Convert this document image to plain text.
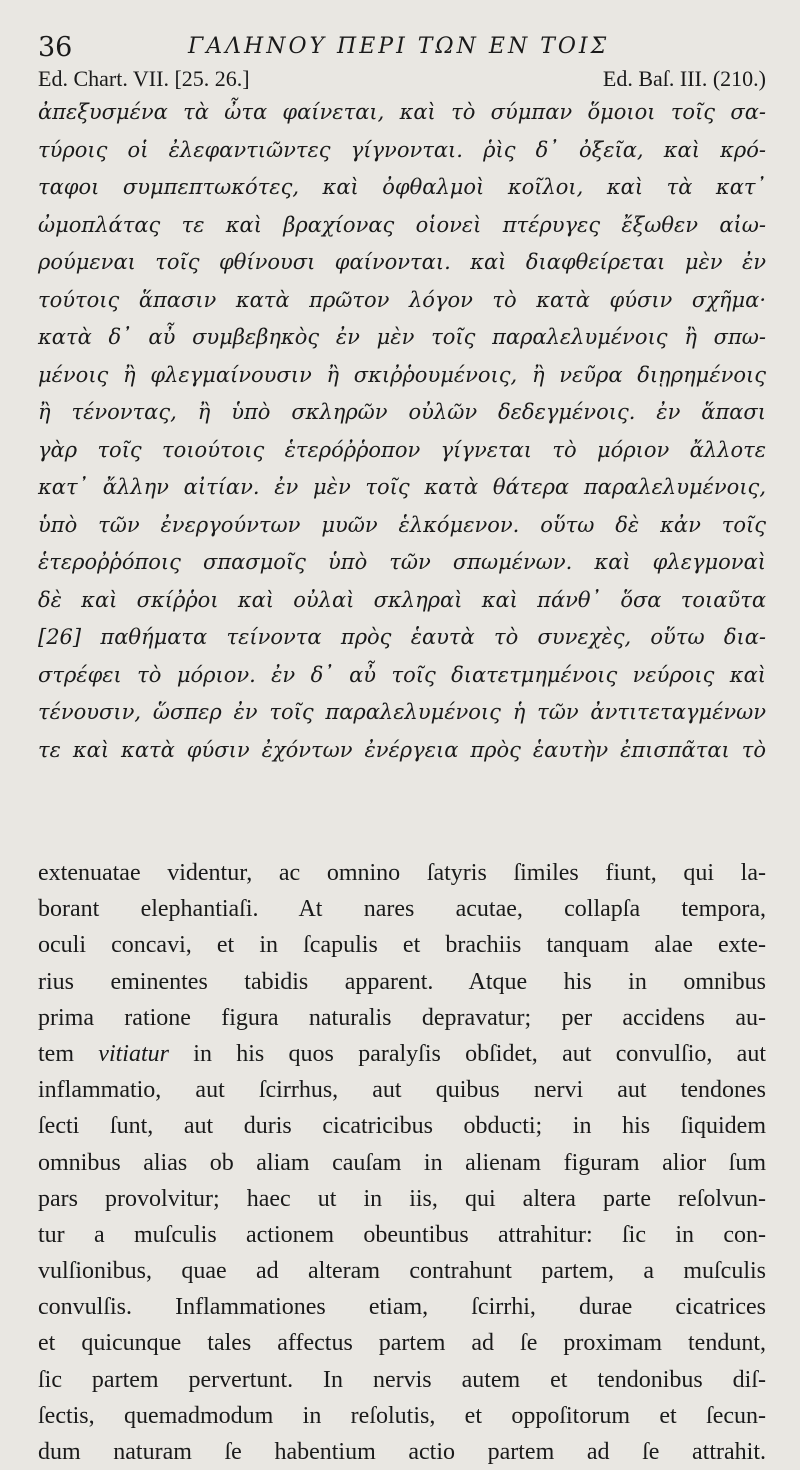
36	ΓΑΛΗΝΟΥ ΠΕΡΙ ΤΩΝ ΕΝ ΤΟΙΣ
Ed. Chart. VII. [25. 26.]	Ed. Baſ. III. (210.)
ἀπεξυσμένα τὰ ὦτα φαίνεται, καὶ τὸ σύμπαν ὅμοιοι τοῖς σα-
τύροις οἱ ἐλεφαντιῶντες γίγνονται. ῥὶς δ᾽ ὀξεῖα, καὶ κρό-
ταφοι συμπεπτωκότες, καὶ ὀφθαλμοὶ κοῖλοι, καὶ τὰ κατ᾽
ὠμοπλάτας τε καὶ βραχίονας οἱονεὶ πτέρυγες ἔξωθεν αἰω-
ρούμεναι τοῖς φθίνουσι φαίνονται. καὶ διαφθείρεται μὲν ἐν
τούτοις ἅπασιν κατὰ πρῶτον λόγον τὸ κατὰ φύσιν σχῆμα·
κατὰ δ᾽ αὖ συμβεβηκὸς ἐν μὲν τοῖς παραλελυμένοις ἢ σπω-
μένοις ἢ φλεγμαίνουσιν ἢ σκιῤῥουμένοις, ἢ νεῦρα διῃρημένοις
ἢ τένοντας, ἢ ὑπὸ σκληρῶν οὐλῶν δεδεγμένοις. ἐν ἅπασι
γὰρ τοῖς τοιούτοις ἑτερόῤῥοπον γίγνεται τὸ μόριον ἄλλοτε
κατ᾽ ἄλλην αἰτίαν. ἐν μὲν τοῖς κατὰ θάτερα παραλελυμένοις,
ὑπὸ τῶν ἐνεργούντων μυῶν ἑλκόμενον. οὕτω δὲ κἀν τοῖς
ἑτεροῤῥόποις σπασμοῖς ὑπὸ τῶν σπωμένων. καὶ φλεγμοναὶ
δὲ καὶ σκίῤῥοι καὶ οὐλαὶ σκληραὶ καὶ πάνθ᾽ ὅσα τοιαῦτα
[26] παθήματα τείνοντα πρὸς ἑαυτὰ τὸ συνεχὲς, οὕτω δια-
στρέφει τὸ μόριον. ἐν δ᾽ αὖ τοῖς διατετμημένοις νεύροις καὶ
τένουσιν, ὥσπερ ἐν τοῖς παραλελυμένοις ἡ τῶν ἀντιτεταγμένων
τε καὶ κατὰ φύσιν ἐχόντων ἐνέργεια πρὸς ἑαυτὴν ἐπισπᾶται τὸ
extenuatae videntur, ac omnino ſatyris ſimiles fiunt, qui la-
borant elephantiaſi. At nares acutae, collapſa tempora,
oculi concavi, et in ſcapulis et brachiis tanquam alae exte-
rius eminentes tabidis apparent. Atque his in omnibus
prima ratione figura naturalis depravatur; per accidens au-
tem vitiatur in his quos paralyſis obſidet, aut convulſio, aut
inflammatio, aut ſcirrhus, aut quibus nervi aut tendones
ſecti ſunt, aut duris cicatricibus obducti; in his ſiquidem
omnibus alias ob aliam cauſam in alienam figuram alior ſum
pars provolvitur; haec ut in iis, qui altera parte reſolvun-
tur a muſculis actionem obeuntibus attrahitur: ſic in con-
vulſionibus, quae ad alteram contrahunt partem, a muſculis
convulſis. Inflammationes etiam, ſcirrhi, durae cicatrices
et quicunque tales affectus partem ad ſe proximam tendunt,
ſic partem pervertunt. In nervis autem et tendonibus diſ-
ſectis, quemadmodum in reſolutis, et oppoſitorum et ſecun-
dum naturam ſe habentium actio partem ad ſe attrahit.
